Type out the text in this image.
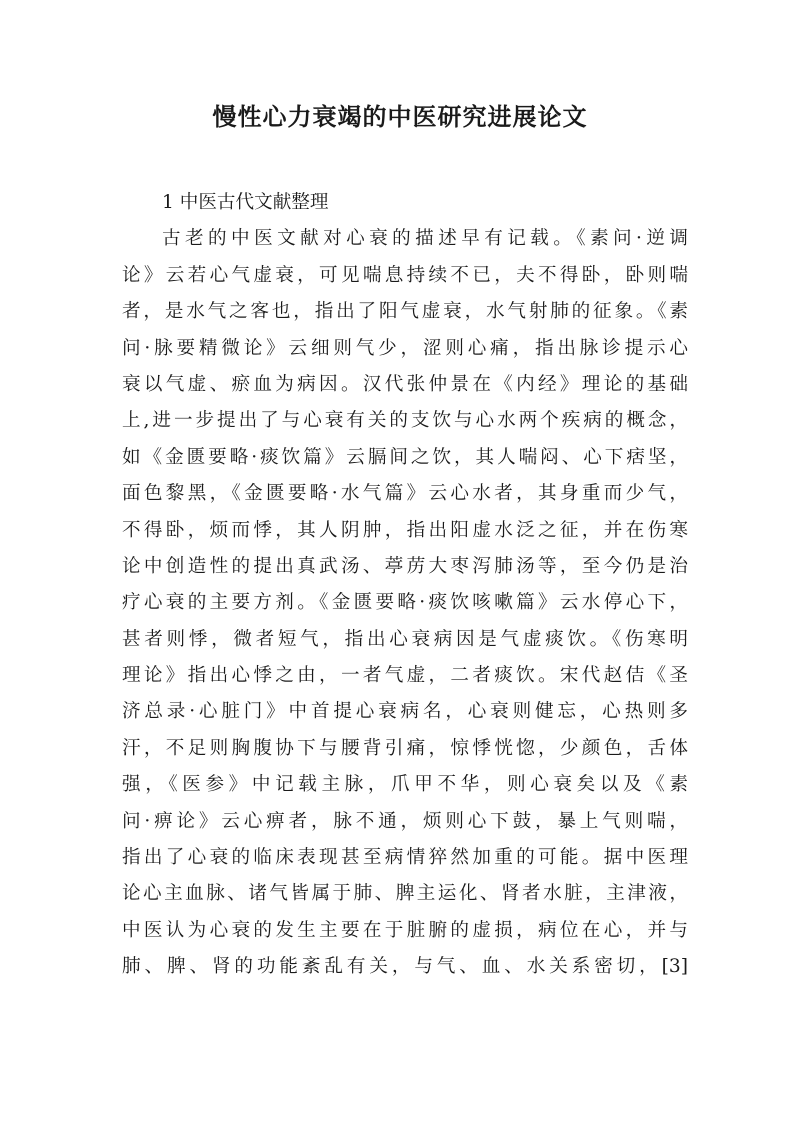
慢性心力衰竭的中医研究进展论文
1 中医古代文献整理
古老的中医文献对心衰的描述早有记载。《素问·逆调
论》云若心气虚衰，可见喘息持续不已，夫不得卧，卧则喘
者，是水气之客也，指出了阳气虚衰，水气射肺的征象。《素
问·脉要精微论》云细则气少，涩则心痛，指出脉诊提示心
衰以气虚、瘀血为病因。汉代张仲景在《内经》理论的基础
上,进一步提出了与心衰有关的支饮与心水两个疾病的概念，
如《金匮要略·痰饮篇》云膈间之饮，其人喘闷、心下痞坚，
面色黎黑，《金匮要略·水气篇》云心水者，其身重而少气，
不得卧，烦而悸，其人阴肿，指出阳虚水泛之征，并在伤寒
论中创造性的提出真武汤、葶苈大枣泻肺汤等，至今仍是治
疗心衰的主要方剂。《金匮要略·痰饮咳嗽篇》云水停心下，
甚者则悸，微者短气，指出心衰病因是气虚痰饮。《伤寒明
理论》指出心悸之由，一者气虚，二者痰饮。宋代赵佶《圣
济总录·心脏门》中首提心衰病名，心衰则健忘，心热则多
汗，不足则胸腹协下与腰背引痛，惊悸恍惚，少颜色，舌体
强，《医参》中记载主脉，爪甲不华，则心衰矣以及《素
问·痹论》云心痹者，脉不通，烦则心下鼓，暴上气则喘，
指出了心衰的临床表现甚至病情猝然加重的可能。据中医理
论心主血脉、诸气皆属于肺、脾主运化、肾者水脏，主津液，
中医认为心衰的发生主要在于脏腑的虚损，病位在心，并与
肺、脾、肾的功能紊乱有关，与气、血、水关系密切，[3]
